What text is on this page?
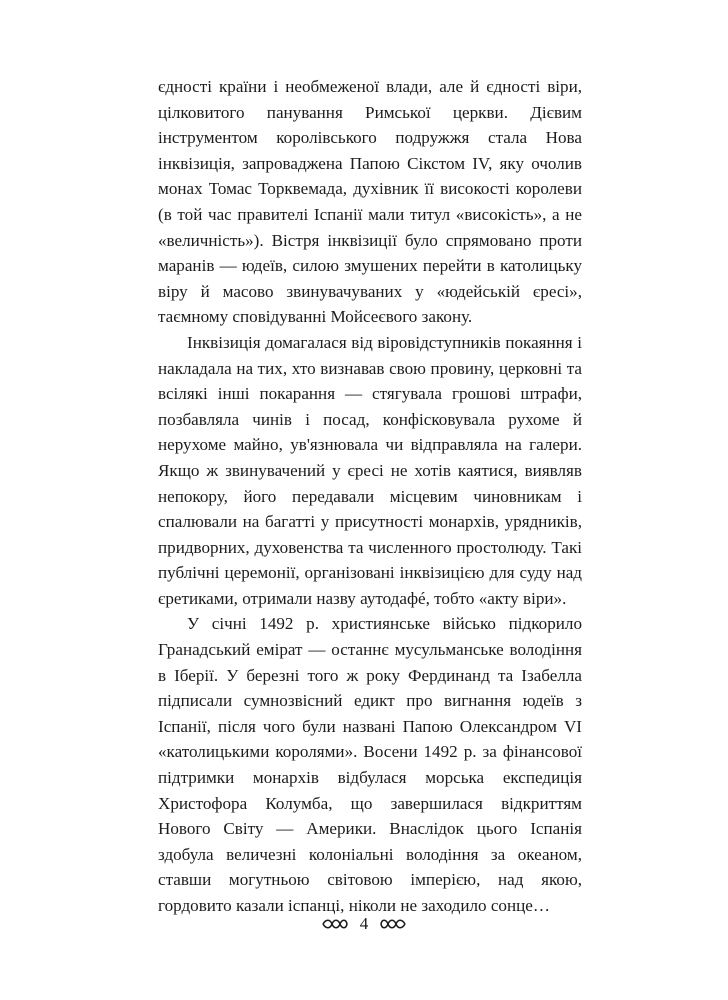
єдності країни і необмеженої влади, але й єдності віри, цілковитого панування Римської церкви. Дієвим інструментом королівського подружжя стала Нова інквізиція, запроваджена Папою Сікстом IV, яку очолив монах Томас Торквемада, духівник її високості королеви (в той час правителі Іспанії мали титул «високість», а не «величність»). Вістря інквізиції було спрямовано проти маранів — юдеїв, силою змушених перейти в католицьку віру й масово звинувачуваних у «юдейській єресі», таємному сповідуванні Мойсеєвого закону.

Інквізиція домагалася від віровідступників покаяння і накладала на тих, хто визнавав свою провину, церковні та всілякі інші покарання — стягувала грошові штрафи, позбавляла чинів і посад, конфісковувала рухоме й нерухоме майно, ув'язнювала чи відправляла на галери. Якщо ж звинувачений у єресі не хотів каятися, виявляв непокору, його передавали місцевим чиновникам і спалювали на багатті у присутності монархів, урядників, придворних, духовенства та численного простолюду. Такі публічні церемонії, організовані інквізицією для суду над єретиками, отримали назву аутодафé, тобто «акту віри».

У січні 1492 р. християнське військо підкорило Гранадський емірат — останнє мусульманське володіння в Іберії. У березні того ж року Фердинанд та Ізабелла підписали сумнозвісний едикт про вигнання юдеїв з Іспанії, після чого були названі Папою Олександром VI «католицькими королями». Восени 1492 р. за фінансової підтримки монархів відбулася морська експедиція Христофора Колумба, що завершилася відкриттям Нового Світу — Америки. Внаслідок цього Іспанія здобула величезні колоніальні володіння за океаном, ставши могутньою світовою імперією, над якою, гордовито казали іспанці, ніколи не заходило сонце…

4
